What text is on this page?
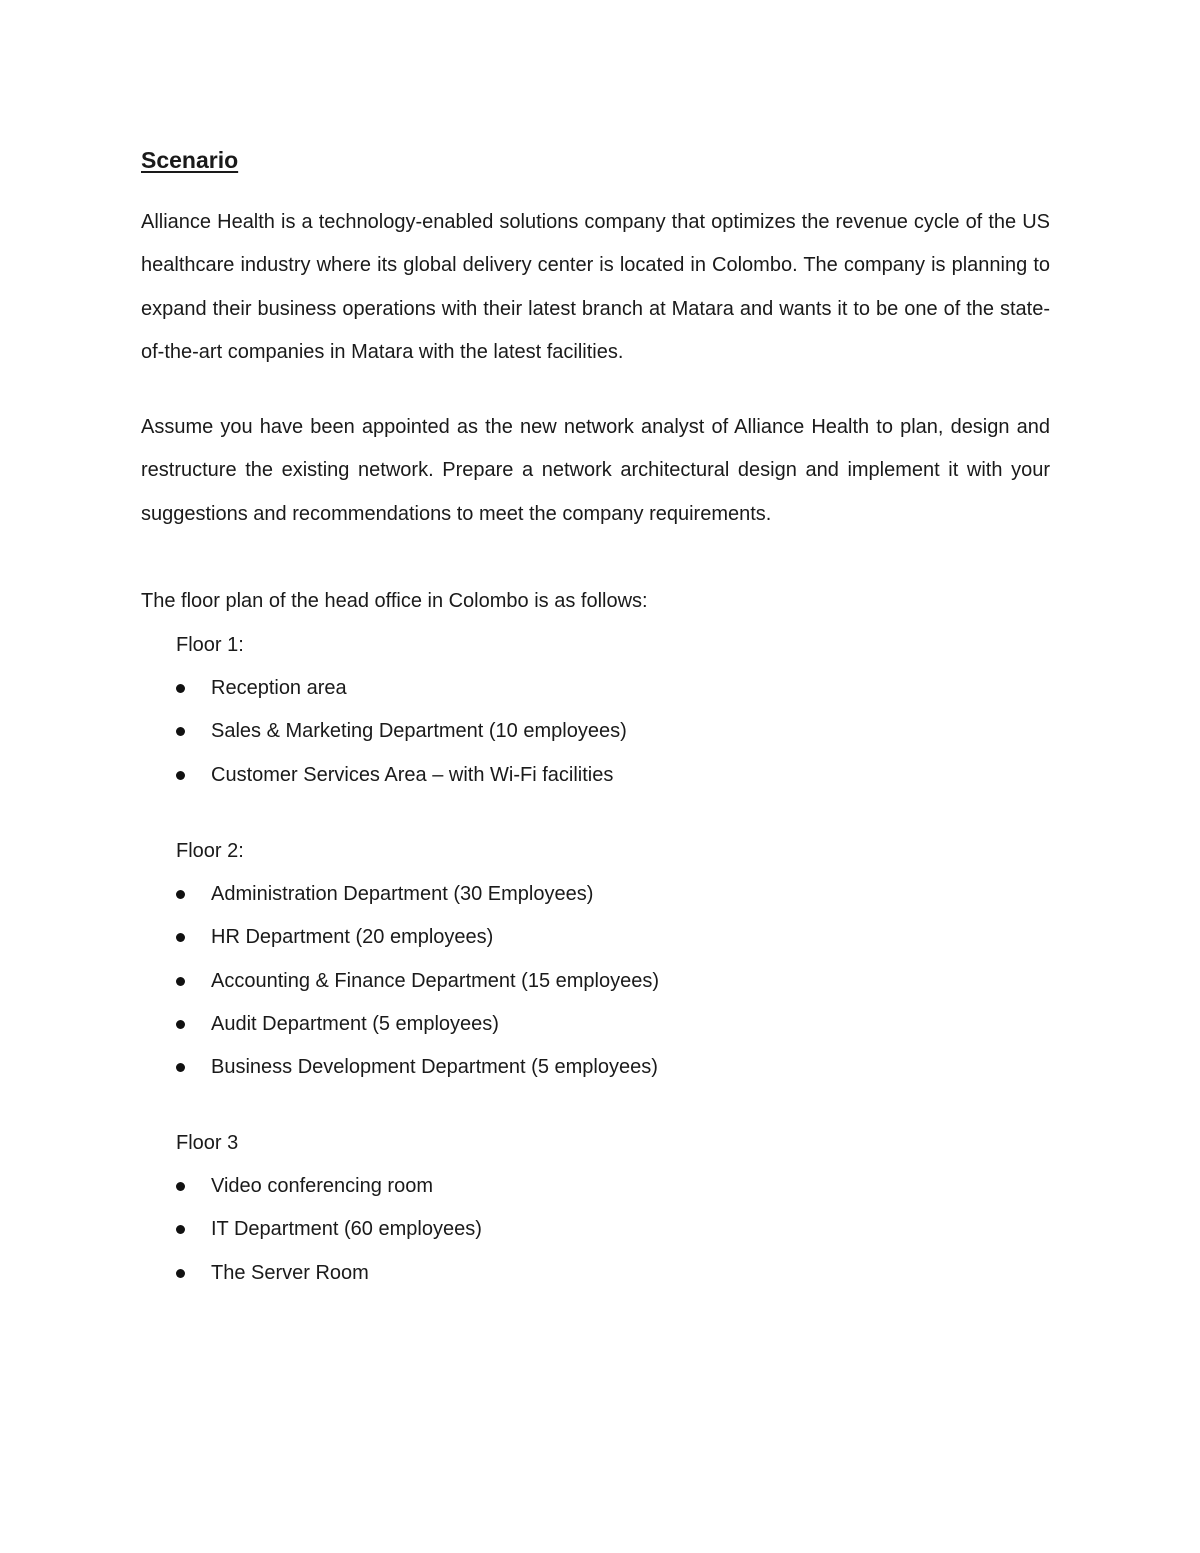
Scenario

Alliance Health is a technology-enabled solutions company that optimizes the revenue cycle of the US healthcare industry where its global delivery center is located in Colombo. The company is planning to expand their business operations with their latest branch at Matara and wants it to be one of the state-of-the-art companies in Matara with the latest facilities.

Assume you have been appointed as the new network analyst of Alliance Health to plan, design and restructure the existing network. Prepare a network architectural design and implement it with your suggestions and recommendations to meet the company requirements.

The floor plan of the head office in Colombo is as follows:

Floor 1:

Reception area
Sales & Marketing Department (10 employees)
Customer Services Area – with Wi-Fi facilities

Floor 2:

Administration Department (30 Employees)
HR Department (20 employees)
Accounting & Finance Department (15 employees)
Audit Department (5 employees)
Business Development Department (5 employees)

Floor 3

Video conferencing room
IT Department (60 employees)
The Server Room
